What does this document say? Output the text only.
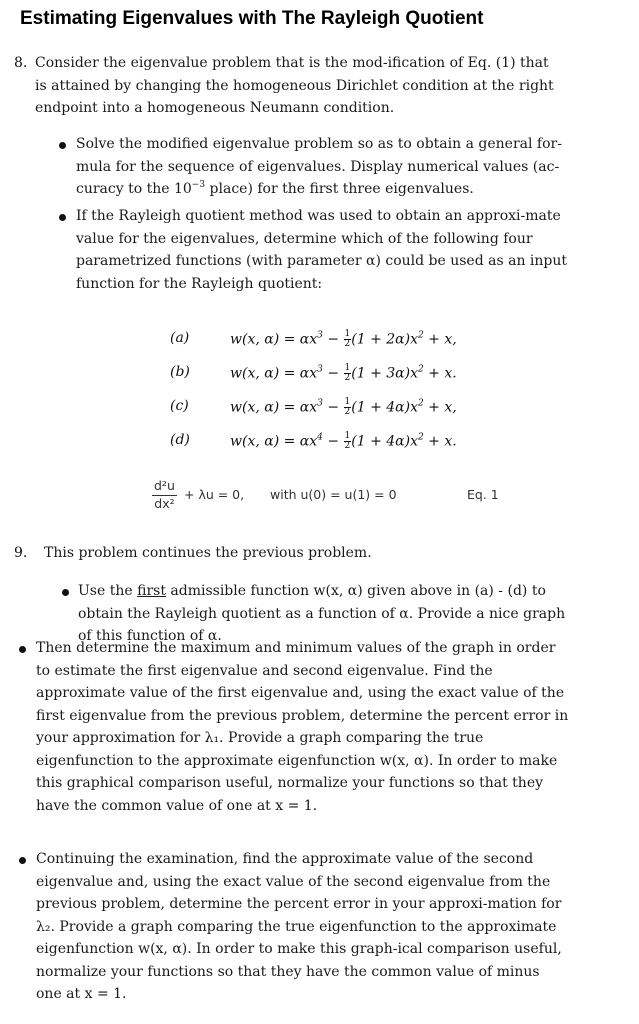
Estimating Eigenvalues with The Rayleigh Quotient
8. Consider the eigenvalue problem that is the mod-ification of Eq. (1) that
is attained by changing the homogeneous Dirichlet condition at the right
endpoint into a homogeneous Neumann condition.
Solve the modified eigenvalue problem so as to obtain a general for-
mula for the sequence of eigenvalues. Display numerical values (ac-
curacy to the $10^{-3}$ place) for the first three eigenvalues.
If the Rayleigh quotient method was used to obtain an approxi-mate
value for the eigenvalues, determine which of the following four
parametrized functions (with parameter α) could be used as an input
function for the Rayleigh quotient:
(a)	w(x, $\alpha) = \alpha x^3 - \frac{1}{2} (1 + 2\alpha)x^2 + x$,
(b)	w(x, $\alpha) = \alpha x^3 - \frac{1}{2} (1 + 3\alpha)x^2 + x$.
(c)	w(x, $\alpha) = \alpha x^3 - \frac{1}{2} (1 + 4\alpha)x^2 + x$,
(d)	w(x, $\alpha) = \alpha x^4 - \frac{1}{2} (1 + 4\alpha)x^2 + x$.
$\frac{\text{d²u}}{\text{dx²}} + \lambda u = 0$, with u(0) = u(1) = 0	Eq. 1
9. This problem continues the previous problem.
Use the first admissible function w(x, α) given above in (a) - (d) to
obtain the Rayleigh quotient as a function of α. Provide a nice graph
of this function of α.
Then determine the maximum and minimum values of the graph in order
to estimate the first eigenvalue and second eigenvalue. Find the
approximate value of the first eigenvalue and, using the exact value of the
first eigenvalue from the previous problem, determine the percent error in
your approximation for λ₁. Provide a graph comparing the true
eigenfunction to the approximate eigenfunction w(x, α). In order to make
this graphical comparison useful, normalize your functions so that they
have the common value of one at x = 1.
Continuing the examination, find the approximate value of the second
eigenvalue and, using the exact value of the second eigenvalue from the
previous problem, determine the percent error in your approxi-mation for
λ₂. Provide a graph comparing the true eigenfunction to the approximate
eigenfunction w(x, α). In order to make this graph-ical comparison useful,
normalize your functions so that they have the common value of minus
one at x = 1.
